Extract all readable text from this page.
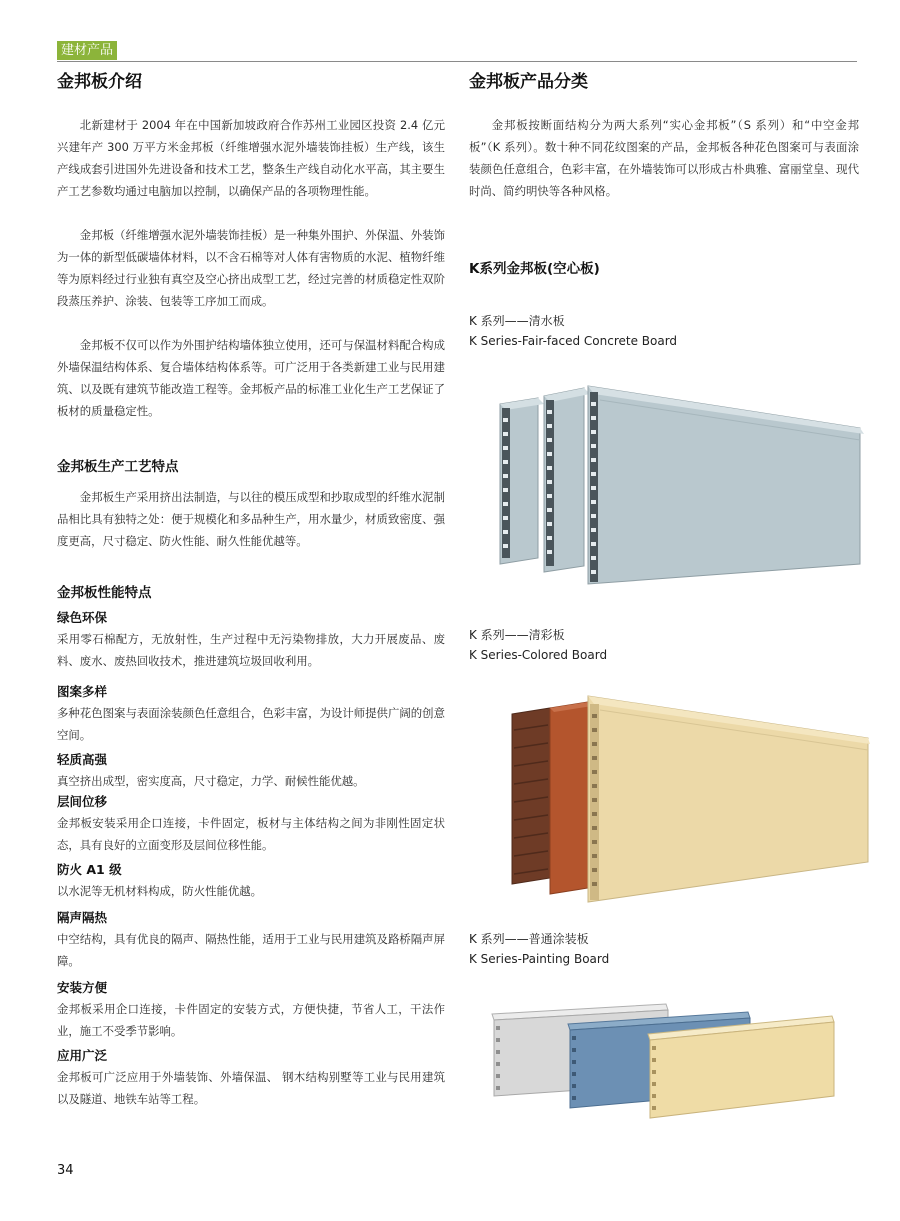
建材产品
金邦板介绍

北新建材于 2004 年在中国新加坡政府合作苏州工业园区投资 2.4 亿元兴建年产 300 万平方米金邦板（纤维增强水泥外墙装饰挂板）生产线，该生产线成套引进国外先进设备和技术工艺，整条生产线自动化水平高，其主要生产工艺参数均通过电脑加以控制，以确保产品的各项物理性能。

金邦板（纤维增强水泥外墙装饰挂板）是一种集外围护、外保温、外装饰为一体的新型低碳墙体材料，以不含石棉等对人体有害物质的水泥、植物纤维等为原料经过行业独有真空及空心挤出成型工艺，经过完善的材质稳定性双阶段蒸压养护、涂装、包装等工序加工而成。

金邦板不仅可以作为外围护结构墙体独立使用，还可与保温材料配合构成外墙保温结构体系、复合墙体结构体系等。可广泛用于各类新建工业与民用建筑、以及既有建筑节能改造工程等。金邦板产品的标准工业化生产工艺保证了板材的质量稳定性。

金邦板生产工艺特点

金邦板生产采用挤出法制造，与以往的模压成型和抄取成型的纤维水泥制品相比具有独特之处：便于规模化和多品种生产，用水量少，材质致密度、强度更高，尺寸稳定、防火性能、耐久性能优越等。

金邦板性能特点
绿色环保

采用零石棉配方，无放射性，生产过程中无污染物排放，大力开展废品、废料、废水、废热回收技术，推进建筑垃圾回收利用。

图案多样

多种花色图案与表面涂装颜色任意组合，色彩丰富，为设计师提供广阔的创意空间。

轻质高强

真空挤出成型，密实度高，尺寸稳定，力学、耐候性能优越。

层间位移

金邦板安装采用企口连接，卡件固定，板材与主体结构之间为非刚性固定状态，具有良好的立面变形及层间位移性能。

防火 A1 级

以水泥等无机材料构成，防火性能优越。

隔声隔热

中空结构，具有优良的隔声、隔热性能，适用于工业与民用建筑及路桥隔声屏障。

安装方便

金邦板采用企口连接，卡件固定的安装方式，方便快捷，节省人工，干法作业，施工不受季节影响。

应用广泛

金邦板可广泛应用于外墙装饰、外墙保温、 钢木结构别墅等工业与民用建筑以及隧道、地铁车站等工程。

金邦板产品分类

金邦板按断面结构分为两大系列“实心金邦板”（S 系列）和“中空金邦板”（K 系列）。数十种不同花纹图案的产品，金邦板各种花色图案可与表面涂装颜色任意组合，色彩丰富，在外墙装饰可以形成古朴典雅、富丽堂皇、现代时尚、简约明快等各种风格。

K系列金邦板(空心板)

K 系列——清水板

K Series-Fair-faced Concrete Board

K 系列——清彩板

K Series-Colored Board

K 系列——普通涂装板

K Series-Painting Board

34
